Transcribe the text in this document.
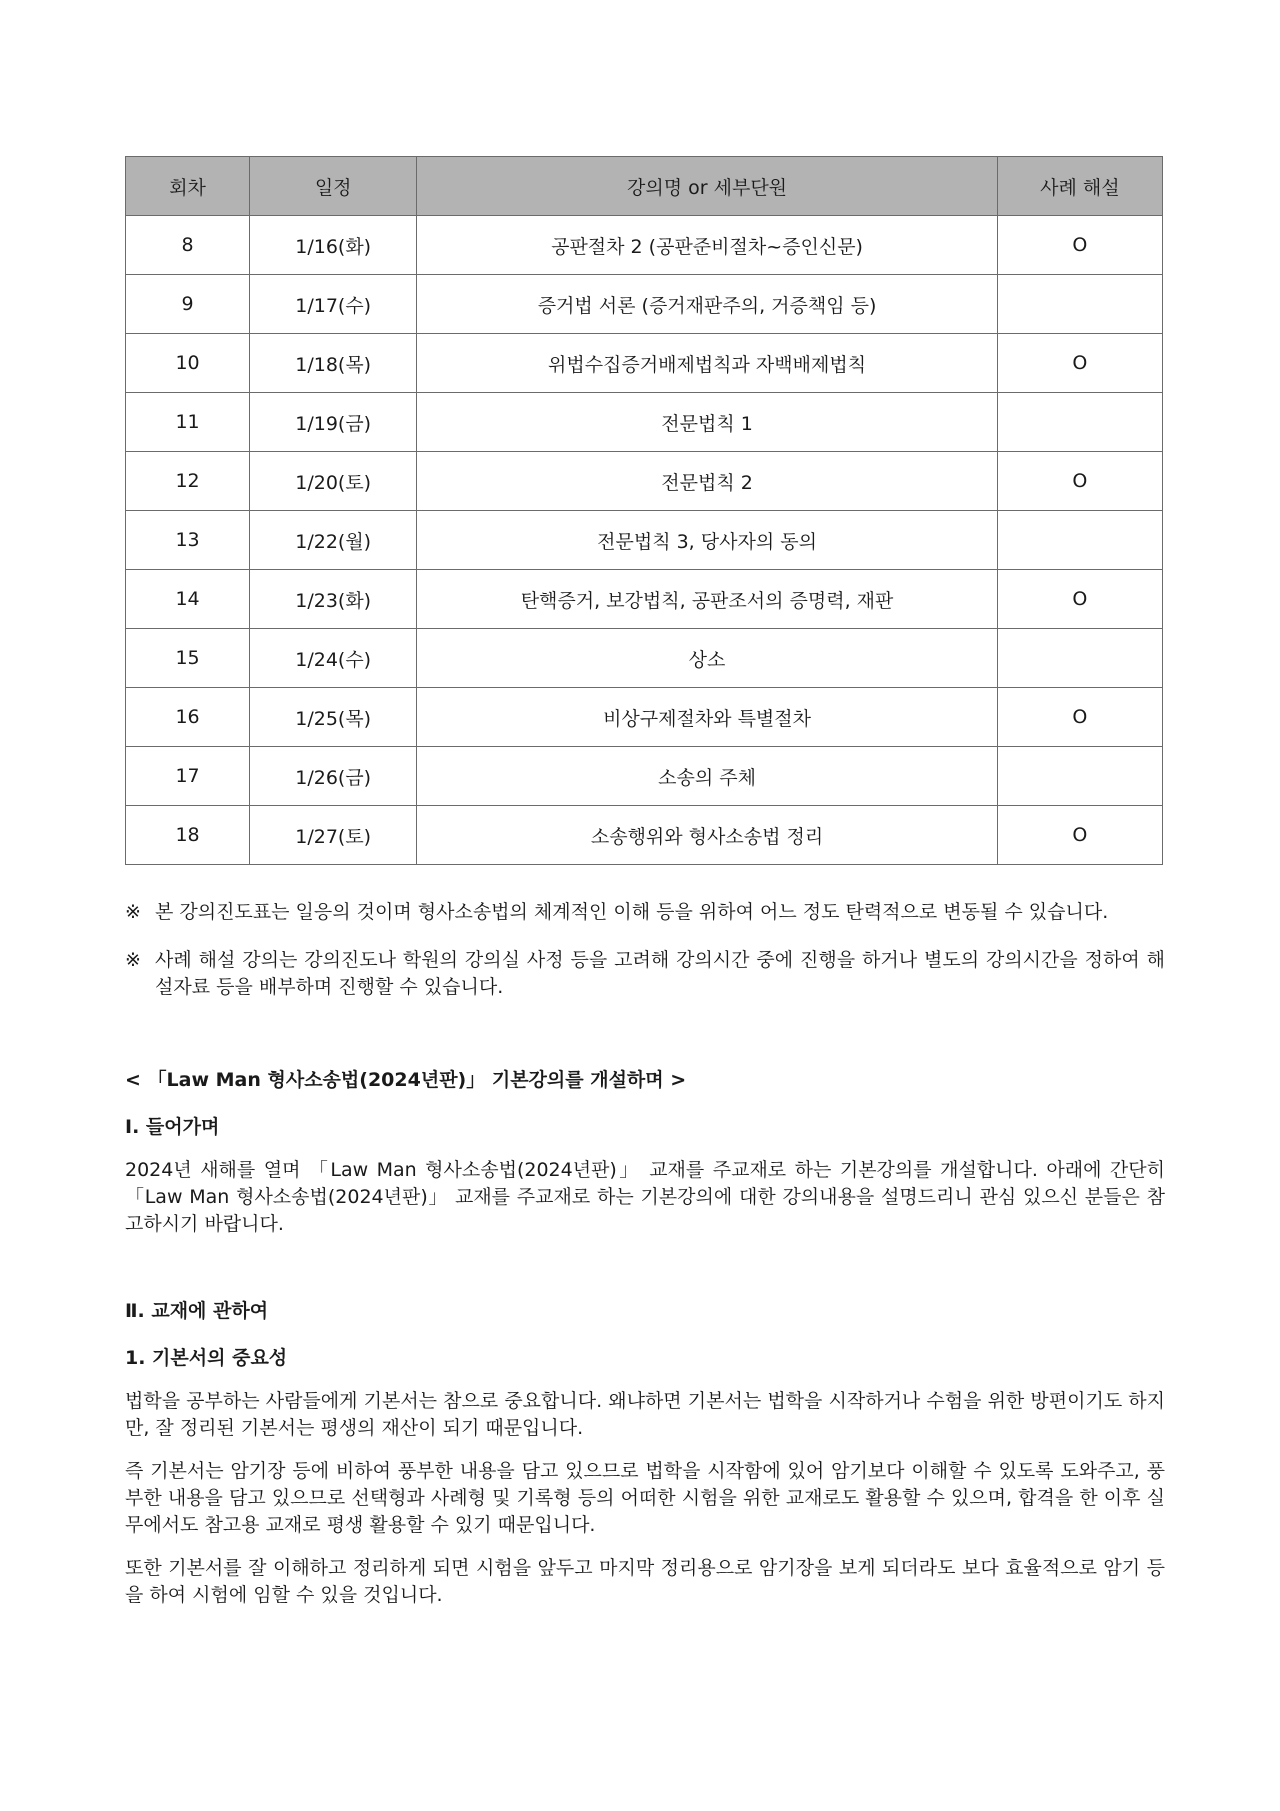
회차	일정	강의명 or 세부단원	사례 해설
8	1/16(화)	공판절차 2 (공판준비절차~증인신문)	O
9	1/17(수)	증거법 서론 (증거재판주의, 거증책임 등)	
10	1/18(목)	위법수집증거배제법칙과 자백배제법칙	O
11	1/19(금)	전문법칙 1	
12	1/20(토)	전문법칙 2	O
13	1/22(월)	전문법칙 3, 당사자의 동의	
14	1/23(화)	탄핵증거, 보강법칙, 공판조서의 증명력, 재판	O
15	1/24(수)	상소	
16	1/25(목)	비상구제절차와 특별절차	O
17	1/26(금)	소송의 주체	
18	1/27(토)	소송행위와 형사소송법 정리	O
※ 본 강의진도표는 일응의 것이며 형사소송법의 체계적인 이해 등을 위하여 어느 정도 탄력적으로 변동될 수 있습니다.
※ 사례 해설 강의는 강의진도나 학원의 강의실 사정 등을 고려해 강의시간 중에 진행을 하거나 별도의 강의시간을 정하여 해설자료 등을 배부하며 진행할 수 있습니다.
< 「Law Man 형사소송법(2024년판)」 기본강의를 개설하며 >
Ⅰ. 들어가며
2024년 새해를 열며 「Law Man 형사소송법(2024년판)」 교재를 주교재로 하는 기본강의를 개설합니다. 아래에 간단히 「Law Man 형사소송법(2024년판)」 교재를 주교재로 하는 기본강의에 대한 강의내용을 설명드리니 관심 있으신 분들은 참고하시기 바랍니다.
Ⅱ. 교재에 관하여
1. 기본서의 중요성
법학을 공부하는 사람들에게 기본서는 참으로 중요합니다. 왜냐하면 기본서는 법학을 시작하거나 수험을 위한 방편이기도 하지만, 잘 정리된 기본서는 평생의 재산이 되기 때문입니다.
즉 기본서는 암기장 등에 비하여 풍부한 내용을 담고 있으므로 법학을 시작함에 있어 암기보다 이해할 수 있도록 도와주고, 풍부한 내용을 담고 있으므로 선택형과 사례형 및 기록형 등의 어떠한 시험을 위한 교재로도 활용할 수 있으며, 합격을 한 이후 실무에서도 참고용 교재로 평생 활용할 수 있기 때문입니다.
또한 기본서를 잘 이해하고 정리하게 되면 시험을 앞두고 마지막 정리용으로 암기장을 보게 되더라도 보다 효율적으로 암기 등을 하여 시험에 임할 수 있을 것입니다.
